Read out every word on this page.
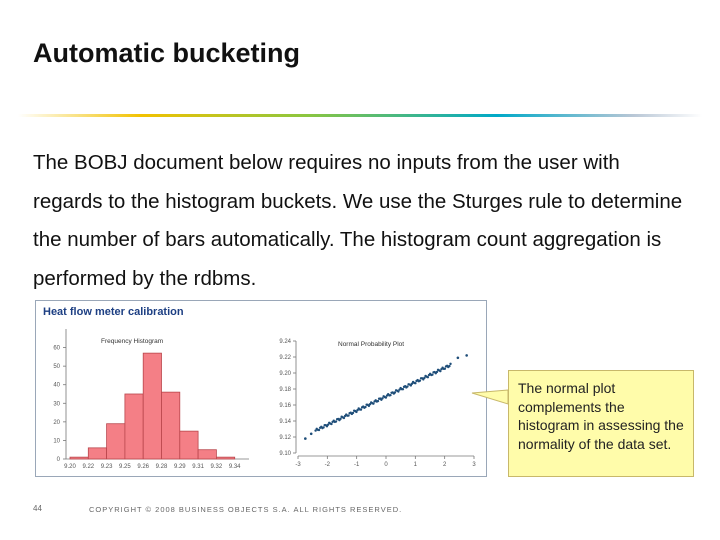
Automatic bucketing
The BOBJ document below requires no inputs from the user with regards to the histogram buckets. We use the Sturges rule to determine the number of bars automatically. The histogram count aggregation is performed by the rdbms.
Heat flow meter calibration
0
10
20
30
40
50
60
9.20 9.22 9.23 9.25 9.26 9.28 9.29 9.31 9.32 9.34
Frequency Histogram
9.10
9.12
9.14
9.16
9.18
9.20
9.22
9.24
-3	-2	-1	0	1	2	3
Normal Probability Plot
The normal plot complements the histogram in assessing the normality of the data set.
44	COPYRIGHT © 2008 BUSINESS OBJECTS S.A. ALL RIGHTS RESERVED.
